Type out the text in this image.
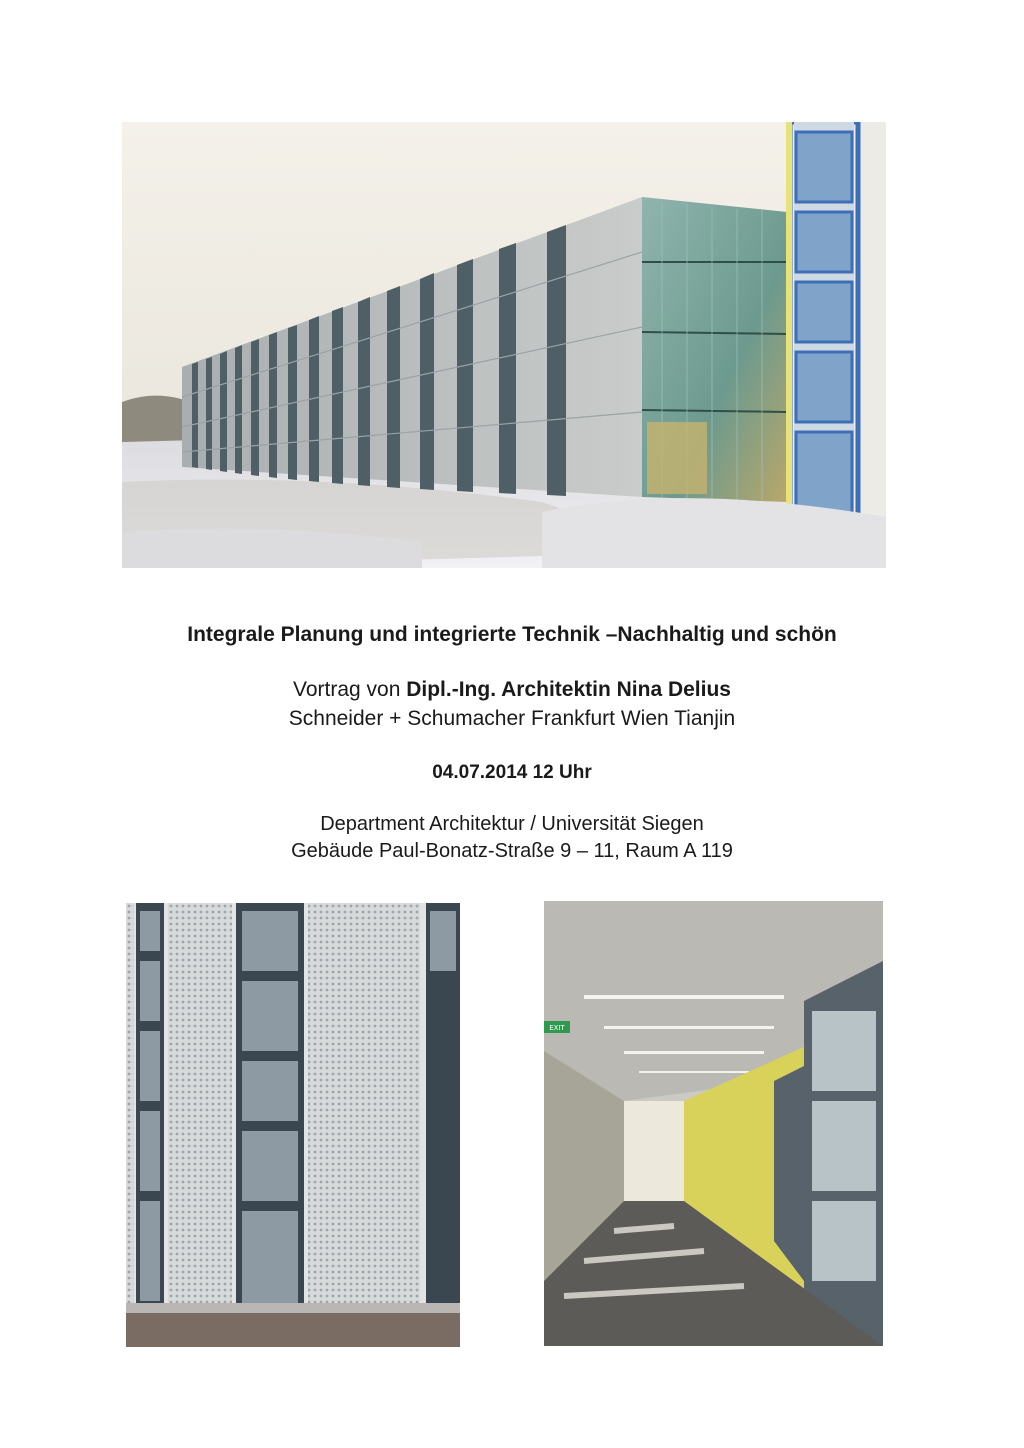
Integrale Planung und integrierte Technik –Nachhaltig und schön
Vortrag von Dipl.-Ing. Architektin Nina Delius
Schneider + Schumacher Frankfurt Wien Tianjin
04.07.2014 12 Uhr
Department Architektur / Universität Siegen
Gebäude Paul-Bonatz-Straße 9 – 11, Raum A 119
EXIT
